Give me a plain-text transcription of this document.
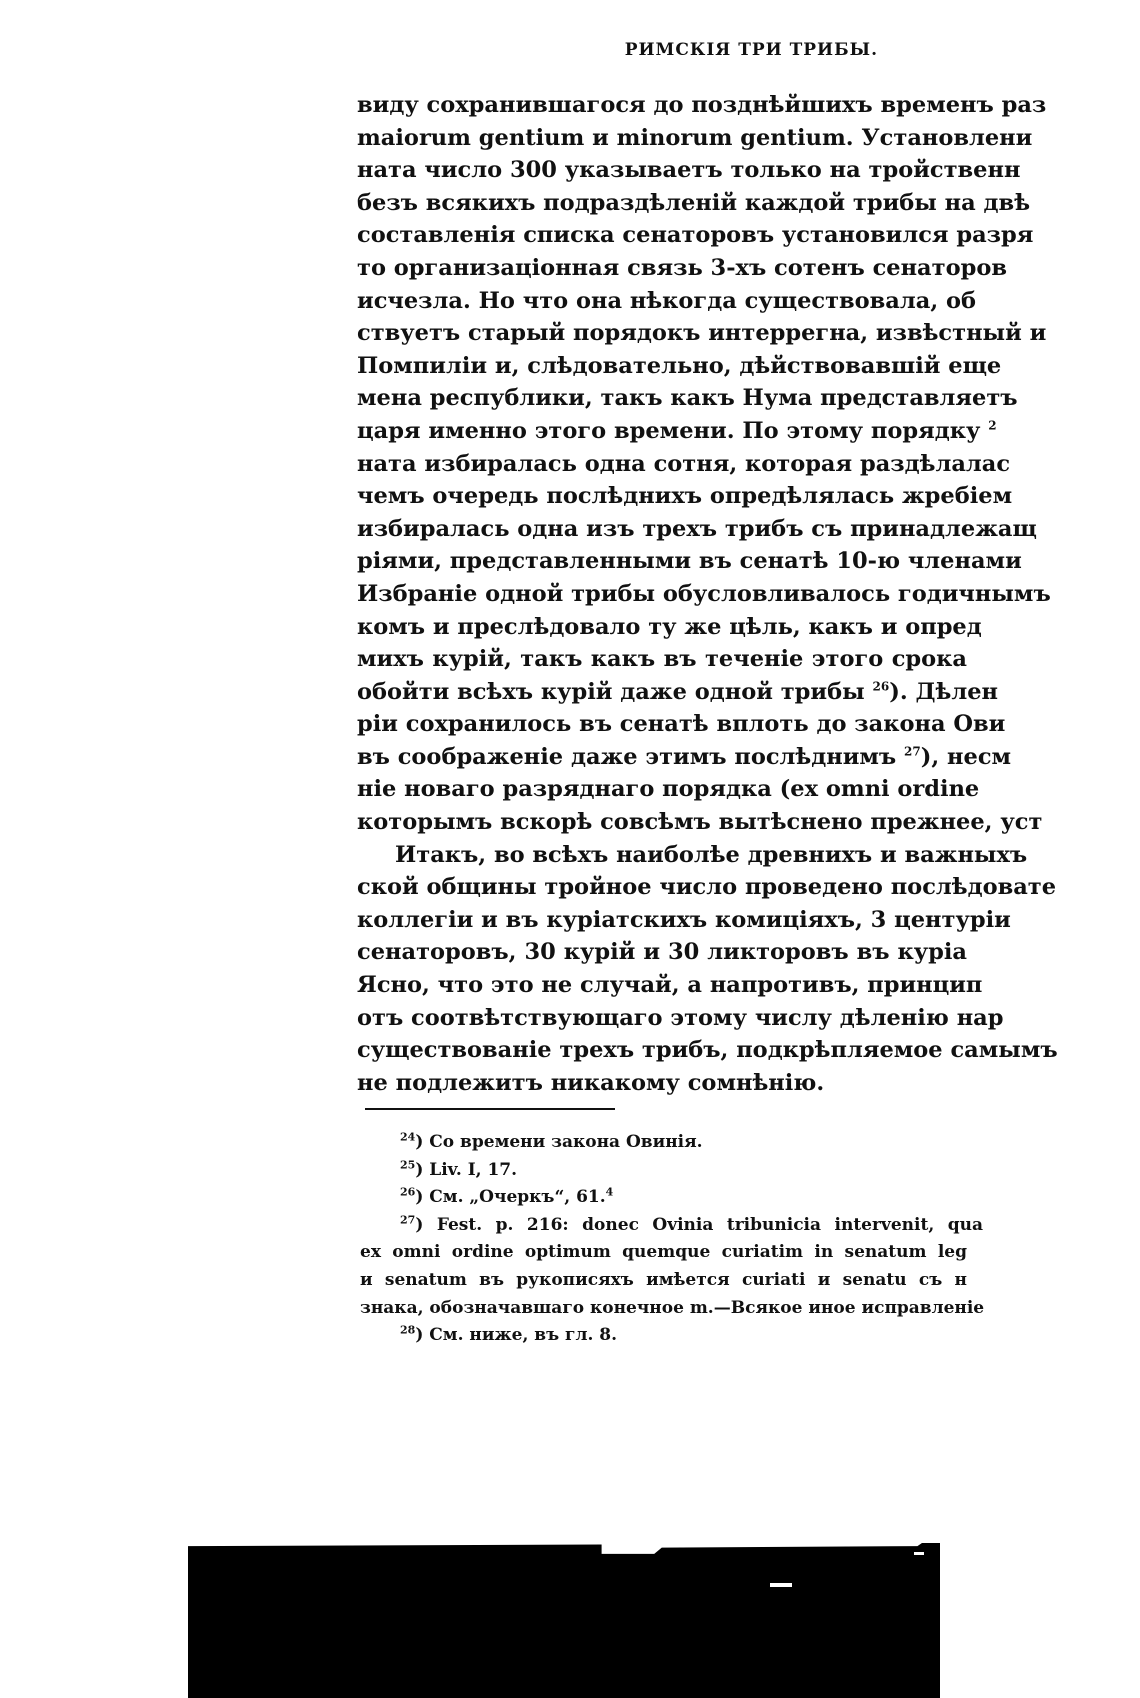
РИМСКІЯ ТРИ ТРИБЫ.
виду сохранившагося до позднѣйшихъ временъ раз
maiorum gentium и minorum gentium. Установлени
ната число 300 указываетъ только на тройственн
безъ всякихъ подраздѣленій каждой трибы на двѣ
составленія списка сенаторовъ установился разря
то организаціонная связь 3-хъ сотенъ сенаторов
исчезла. Но что она нѣкогда существовала, об
ствуетъ старый порядокъ интеррегна, извѣстный и
Помпиліи и, слѣдовательно, дѣйствовавшій еще
мена республики, такъ какъ Нума представляетъ
царя именно этого времени. По этому порядку $^2$
ната избиралась одна сотня, которая раздѣлалас
чемъ очередь послѣднихъ опредѣлялась жребіем
избиралась одна изъ трехъ трибъ съ принадлежащ
ріями, представленными въ сенатѣ 10-ю членами
Избраніе одной трибы обусловливалось годичнымъ
комъ и преслѣдовало ту же цѣль, какъ и опред
михъ курій, такъ какъ въ теченіе этого срока
обойти всѣхъ курій даже одной трибы $^{26}$). Дѣлен
ріи сохранилось въ сенатѣ вплоть до закона Ови
въ соображеніе даже этимъ послѣднимъ $^{27}$), несм
ніе новаго разряднаго порядка (ex omni ordine
которымъ вскорѣ совсѣмъ вытѣснено прежнее, уст
Итакъ, во всѣхъ наиболѣе древнихъ и важныхъ
ской общины тройное число проведено послѣдовате
коллегіи и въ куріатскихъ комиціяхъ, 3 центуріи
сенаторовъ, 30 курій и 30 ликторовъ въ куріа
Ясно, что это не случай, а напротивъ, принцип
отъ соотвѣтствующаго этому числу дѣленію нар
существованіе трехъ трибъ, подкрѣпляемое самымъ
не подлежитъ никакому сомнѣнію.
$^{24}$) Со времени закона Овинія.
$^{25}$) Liv. I, 17.
$^{26}$) См. „Очеркъ“, 61.$^4$
$^{27}$) Fest. p. 216: donec Ovinia tribunicia intervenit, qua
ex omni ordine optimum quemque curiatim in senatum leg
и senatum въ рукописяхъ имѣется curiati и senatu съ н
знака, обозначавшаго конечное m.—Всякое иное исправленіе
$^{28}$) См. ниже, въ гл. 8.
